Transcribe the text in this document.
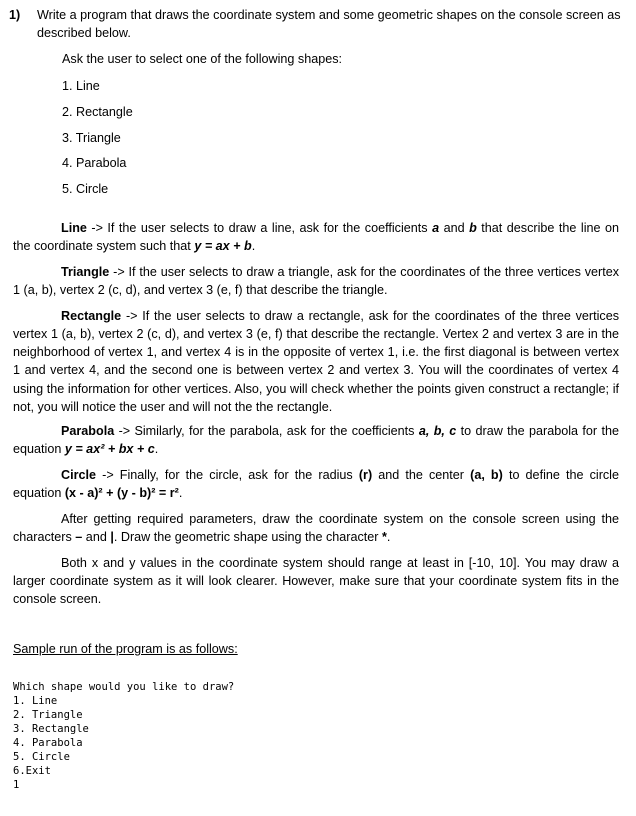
1) Write a program that draws the coordinate system and some geometric shapes on the console screen as described below.
Ask the user to select one of the following shapes:
1. Line
2. Rectangle
3. Triangle
4. Parabola
5. Circle

Line -> If the user selects to draw a line, ask for the coefficients a and b that describe the line on the coordinate system such that y = ax + b.

Triangle -> If the user selects to draw a triangle, ask for the coordinates of the three vertices vertex 1 (a, b), vertex 2 (c, d), and vertex 3 (e, f) that describe the triangle.

Rectangle -> If the user selects to draw a rectangle, ask for the coordinates of the three vertices vertex 1 (a, b), vertex 2 (c, d), and vertex 3 (e, f) that describe the rectangle. Vertex 2 and vertex 3 are in the neighborhood of vertex 1, and vertex 4 is in the opposite of vertex 1, i.e. the first diagonal is between vertex 1 and vertex 4, and the second one is between vertex 2 and vertex 3. You will the coordinates of vertex 4 using the information for other vertices. Also, you will check whether the points given construct a rectangle; if not, you will notice the user and will not the the rectangle.

Parabola -> Similarly, for the parabola, ask for the coefficients a, b, c to draw the parabola for the equation y = ax² + bx + c.

Circle -> Finally, for the circle, ask for the radius (r) and the center (a, b) to define the circle equation (x - a)² + (y - b)² = r².

After getting required parameters, draw the coordinate system on the console screen using the characters – and |. Draw the geometric shape using the character *.

Both x and y values in the coordinate system should range at least in [-10, 10]. You may draw a larger coordinate system as it will look clearer. However, make sure that your coordinate system fits in the console screen.

Sample run of the program is as follows:
Which shape would you like to draw?
1. Line
2. Triangle
3. Rectangle
4. Parabola
5. Circle
6.Exit
1
